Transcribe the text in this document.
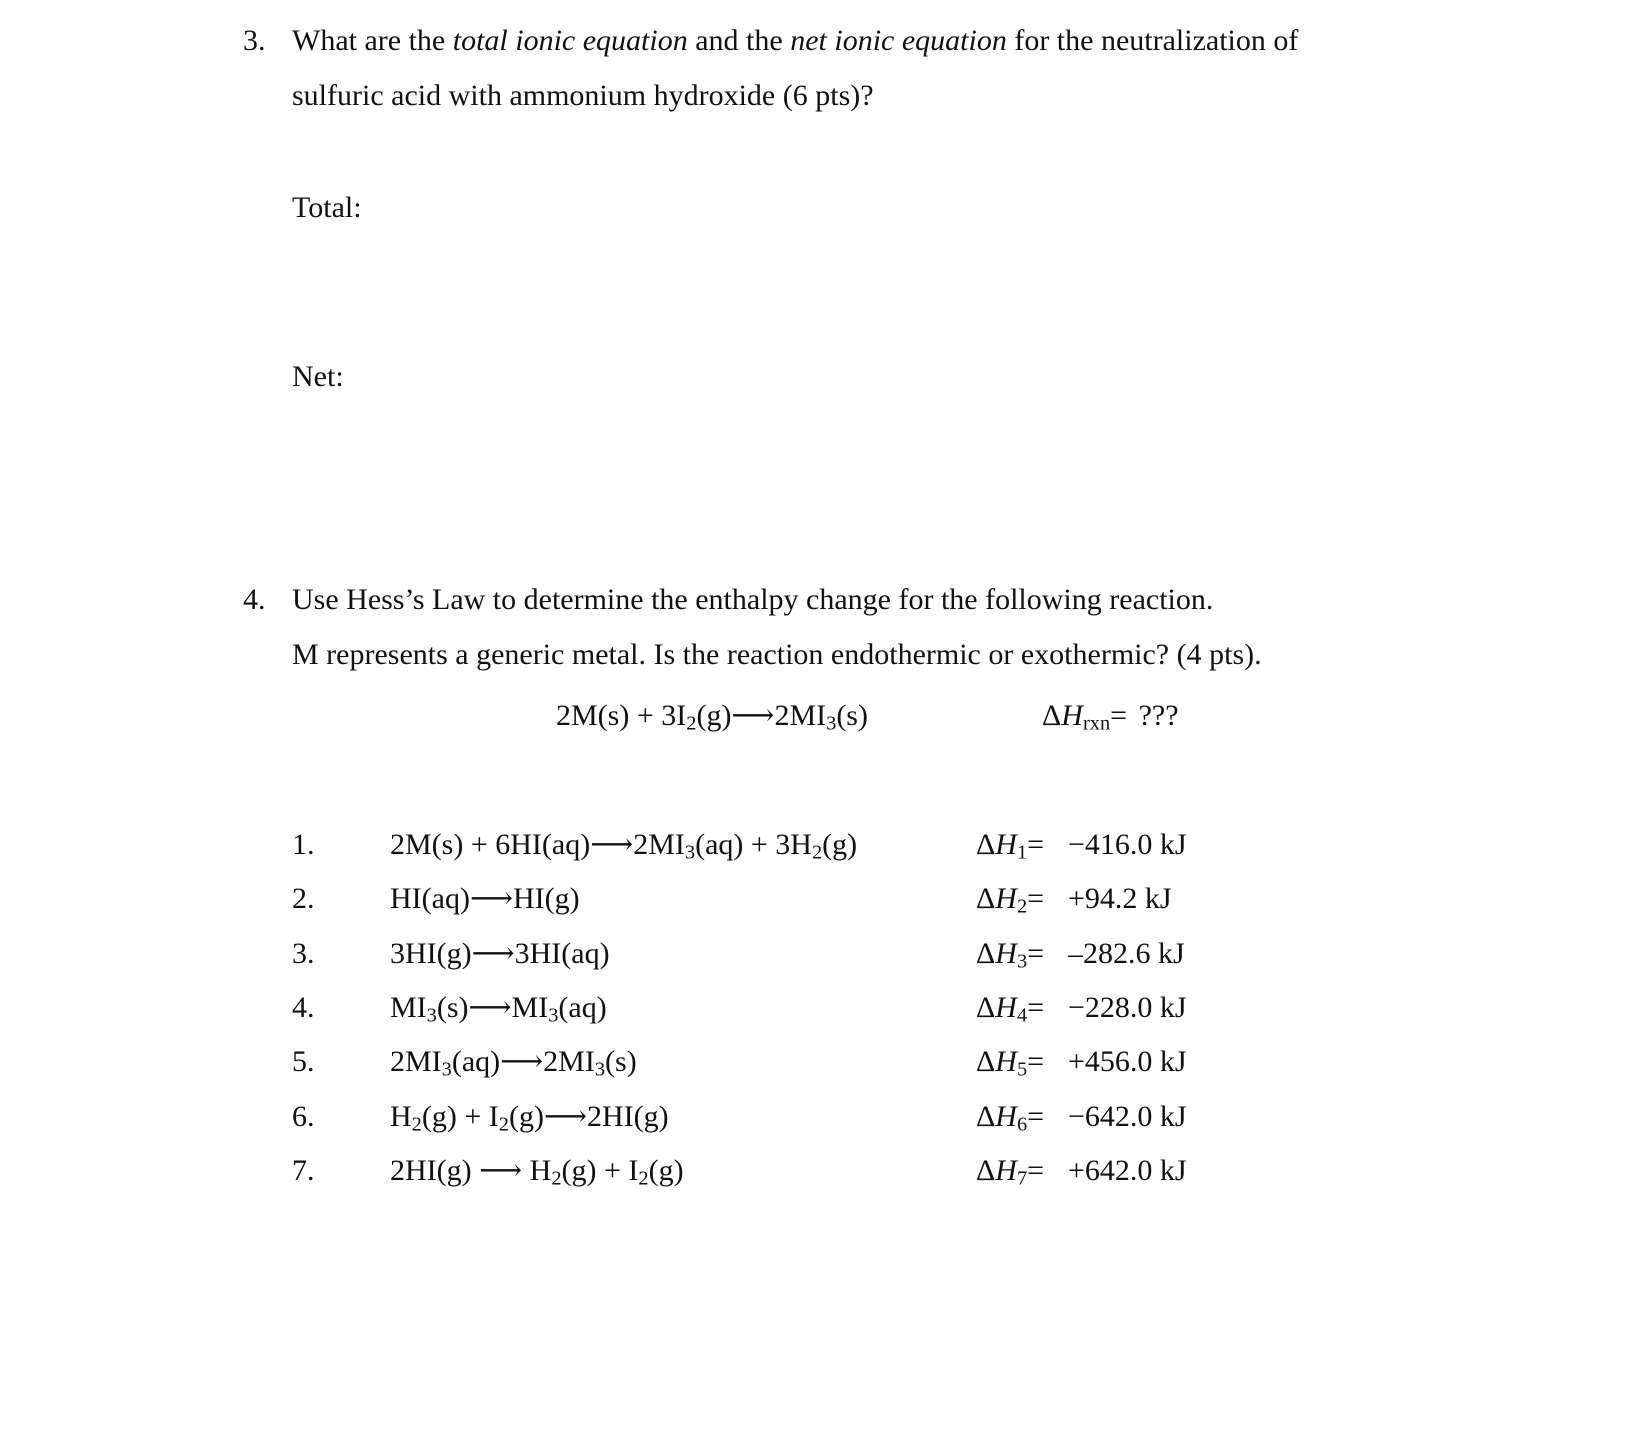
3. What are the total ionic equation and the net ionic equation for the neutralization of
sulfuric acid with ammonium hydroxide (6 pts)?
Total:
Net:
4. Use Hess’s Law to determine the enthalpy change for the following reaction.
M represents a generic metal. Is the reaction endothermic or exothermic? (4 pts).
$2M(s) + 3I_2(g)⟶2MI_3(s)$	$\Delta H_{rxn}=$ ???
1.	$2M(s) + 6HI(aq)⟶2MI_3(aq) + 3H_2(g)$	$\Delta H_1= -416.0$ kJ
2.	HI(aq)⟶HI(g)	$\Delta H_2= +94.2$ kJ
3.	3HI(g)⟶3HI(aq)	$\Delta H_3= -282.6$ kJ
4.	$MI_3(s)⟶MI_3(aq)$	$\Delta H_4= -228.0$ kJ
5.	$2MI_3(aq)⟶2MI_3(s)$	$\Delta H_5= +456.0$ kJ
6.	$H_2(g)$ + $I_2(g)⟶2HI(g)$	$\Delta H_6= -642.0$ kJ
7.	2HI(g) ⟶ $H_2(g) + I_2(g)$	$\Delta H_7= +642.0$ kJ
